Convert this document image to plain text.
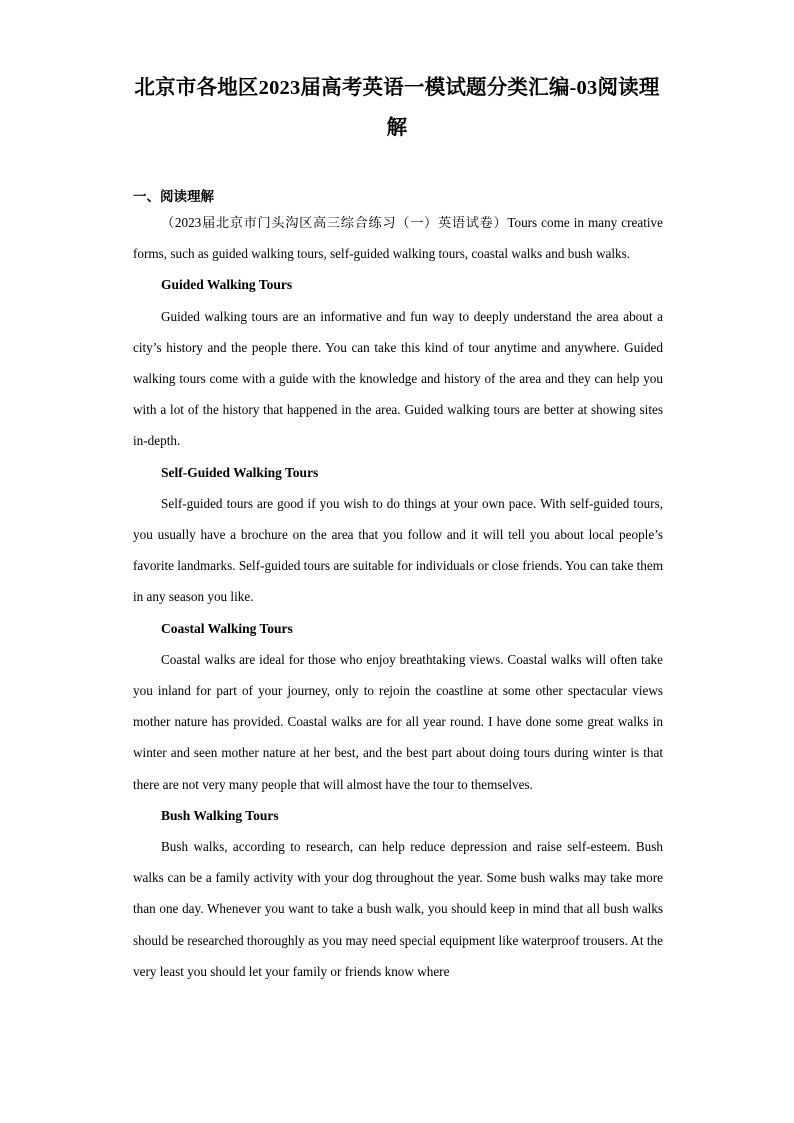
北京市各地区2023届高考英语一模试题分类汇编-03阅读理解
一、阅读理解

（2023届北京市门头沟区高三综合练习（一）英语试卷）Tours come in many creative forms, such as guided walking tours, self-guided walking tours, coastal walks and bush walks.

Guided Walking Tours

Guided walking tours are an informative and fun way to deeply understand the area about a city’s history and the people there. You can take this kind of tour anytime and anywhere. Guided walking tours come with a guide with the knowledge and history of the area and they can help you with a lot of the history that happened in the area. Guided walking tours are better at showing sites in-depth.

Self-Guided Walking Tours

Self-guided tours are good if you wish to do things at your own pace. With self-guided tours, you usually have a brochure on the area that you follow and it will tell you about local people’s favorite landmarks. Self-guided tours are suitable for individuals or close friends. You can take them in any season you like.

Coastal Walking Tours

Coastal walks are ideal for those who enjoy breathtaking views. Coastal walks will often take you inland for part of your journey, only to rejoin the coastline at some other spectacular views mother nature has provided. Coastal walks are for all year round. I have done some great walks in winter and seen mother nature at her best, and the best part about doing tours during winter is that there are not very many people that will almost have the tour to themselves.

Bush Walking Tours

Bush walks, according to research, can help reduce depression and raise self-esteem. Bush walks can be a family activity with your dog throughout the year. Some bush walks may take more than one day. Whenever you want to take a bush walk, you should keep in mind that all bush walks should be researched thoroughly as you may need special equipment like waterproof trousers. At the very least you should let your family or friends know where
